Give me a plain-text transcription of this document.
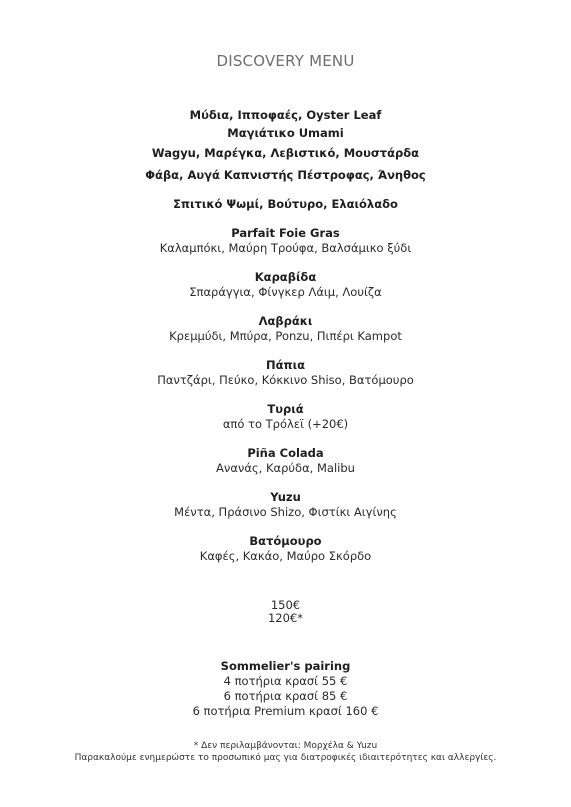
DISCOVERY MENU
Μύδια, Ιπποφαές, Oyster Leaf
Μαγιάτικο Umami
Wagyu, Μαρέγκα, Λεβιστικό, Μουστάρδα
Φάβα, Αυγά Καπνιστής Πέστροφας, Άνηθος
Σπιτικό Ψωμί, Βούτυρο, Ελαιόλαδο
Parfait Foie Gras
Καλαμπόκι, Μαύρη Τρούφα, Βαλσάμικο ξύδι
Καραβίδα
Σπαράγγια, Φίνγκερ Λάιμ, Λουίζα
Λαβράκι
Κρεμμύδι, Μπύρα, Ponzu, Πιπέρι Kampot
Πάπια
Παντζάρι, Πεύκο, Κόκκινο Shiso, Βατόμουρο
Τυριά
από το Τρόλεϊ (+20€)
Piña Colada
Ανανάς, Καρύδα, Malibu
Yuzu
Μέντα, Πράσινο Shizo, Φιστίκι Αιγίνης
Βατόμουρο
Καφές, Κακάο, Μαύρο Σκόρδο
150€
120€*
Sommelier's pairing
4 ποτήρια κρασί 55 €
6 ποτήρια κρασί 85 €
6 ποτήρια Premium κρασί 160 €
* Δεν περιλαμβάνονται: Μορχέλα & Yuzu
Παρακαλούμε ενημερώστε το προσωπικό μας για διατροφικές ιδιαιτερότητες και αλλεργίες.
